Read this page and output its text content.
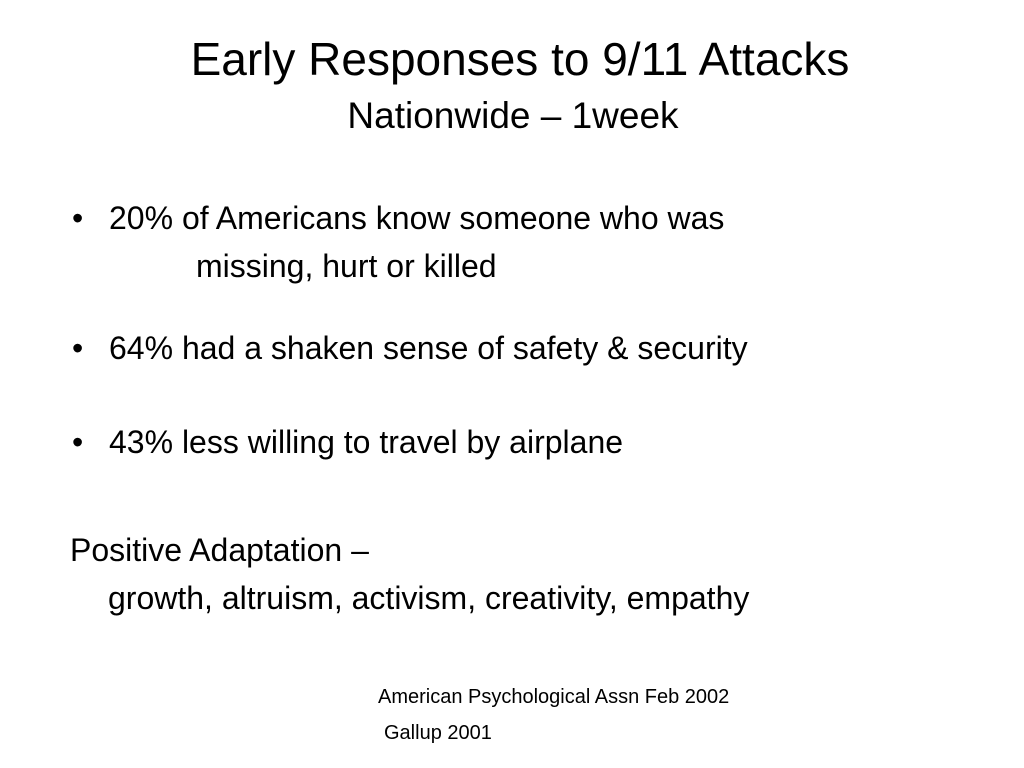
Early Responses to 9/11 Attacks
Nationwide – 1week
• 20% of Americans know someone who was
missing, hurt or killed
• 64% had a shaken sense of safety & security
• 43% less willing to travel by airplane
Positive Adaptation –
growth, altruism, activism, creativity, empathy
American Psychological Assn Feb 2002
Gallup 2001
